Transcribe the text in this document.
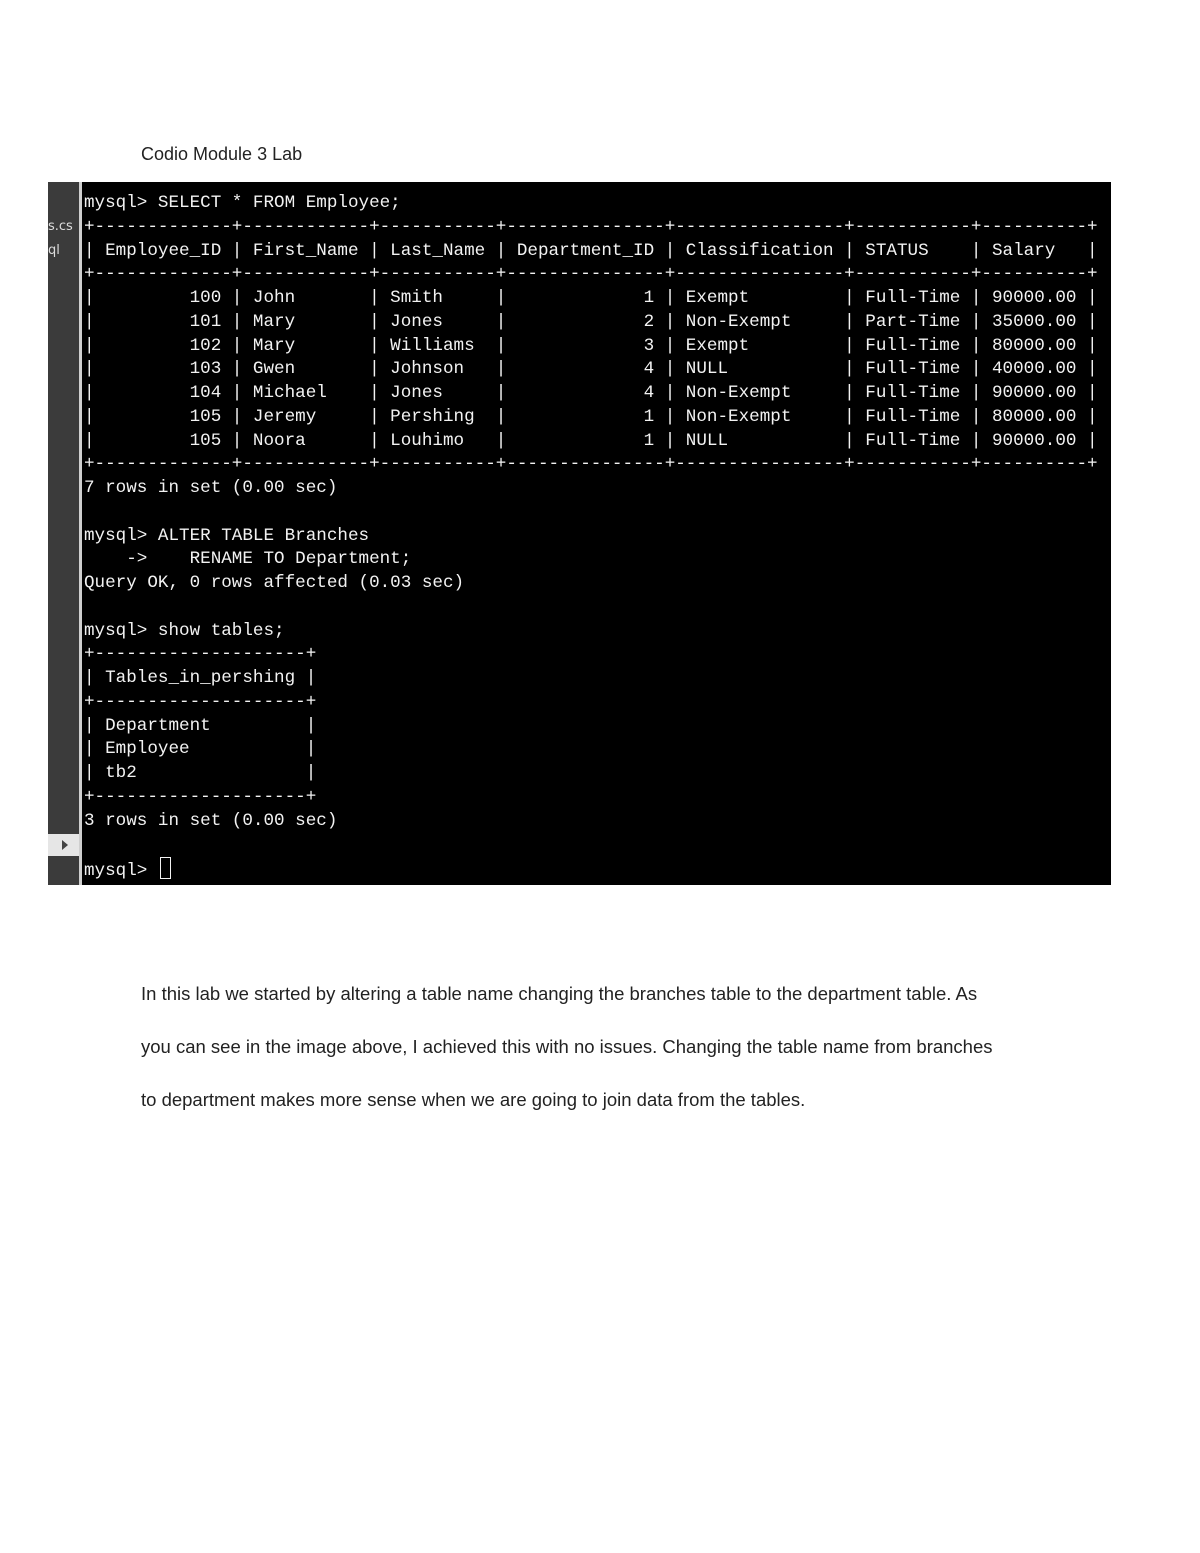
Codio Module 3 Lab
s.cs
ql
mysql> SELECT * FROM Employee;
+-------------+------------+-----------+---------------+----------------+-----------+----------+
| Employee_ID | First_Name | Last_Name | Department_ID | Classification | STATUS    | Salary   |
+-------------+------------+-----------+---------------+----------------+-----------+----------+
|         100 | John       | Smith     |             1 | Exempt         | Full-Time | 90000.00 |
|         101 | Mary       | Jones     |             2 | Non-Exempt     | Part-Time | 35000.00 |
|         102 | Mary       | Williams  |             3 | Exempt         | Full-Time | 80000.00 |
|         103 | Gwen       | Johnson   |             4 | NULL           | Full-Time | 40000.00 |
|         104 | Michael    | Jones     |             4 | Non-Exempt     | Full-Time | 90000.00 |
|         105 | Jeremy     | Pershing  |             1 | Non-Exempt     | Full-Time | 80000.00 |
|         105 | Noora      | Louhimo   |             1 | NULL           | Full-Time | 90000.00 |
+-------------+------------+-----------+---------------+----------------+-----------+----------+
7 rows in set (0.00 sec)

mysql> ALTER TABLE Branches
->    RENAME TO Department;
Query OK, 0 rows affected (0.03 sec)

mysql> show tables;
+--------------------+
| Tables_in_pershing |
+--------------------+
| Department         |
| Employee           |
| tb2                |
+--------------------+
3 rows in set (0.00 sec)

mysql>
In this lab we started by altering a table name changing the branches table to the department table. As
you can see in the image above, I achieved this with no issues. Changing the table name from branches
to department makes more sense when we are going to join data from the tables.
